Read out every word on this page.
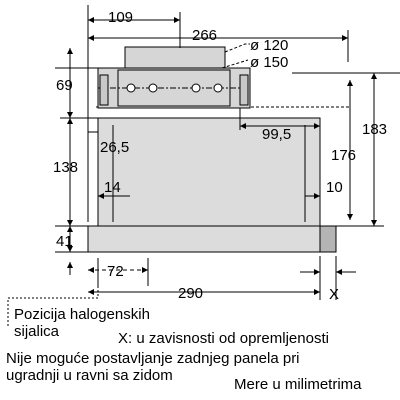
109
266
ø 120
ø 150
69
138
41
183
176
99,5
26,5
14	10
72
290	X
Pozicija halogenskih
sijalica	X: u zavisnosti od opremljenosti
Nije moguće postavljanje zadnjeg panela pri
ugradnji u ravni sa zidom
Mere u milimetrima
